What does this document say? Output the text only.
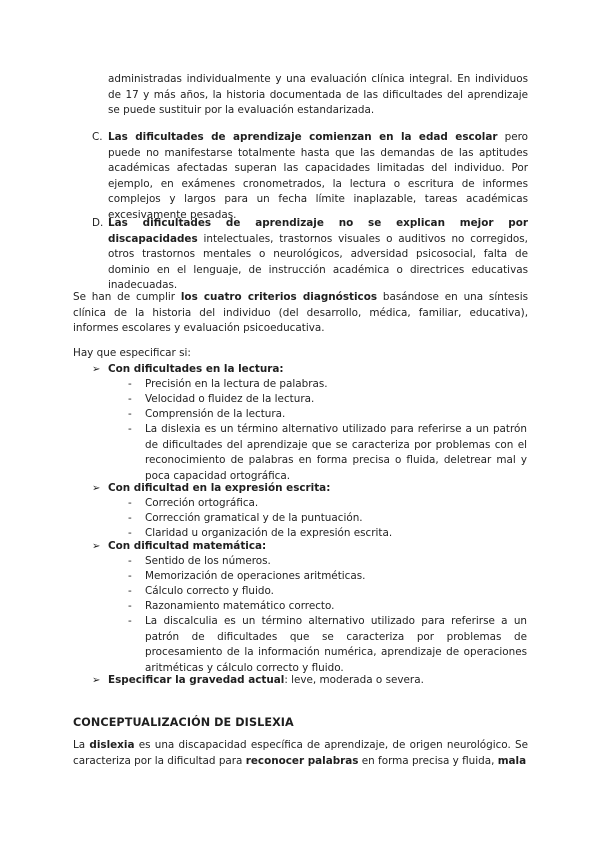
administradas individualmente y una evaluación clínica integral. En individuos de 17 y más años, la historia documentada de las dificultades del aprendizaje se puede sustituir por la evaluación estandarizada.
C. Las dificultades de aprendizaje comienzan en la edad escolar pero puede no manifestarse totalmente hasta que las demandas de las aptitudes académicas afectadas superan las capacidades limitadas del individuo. Por ejemplo, en exámenes cronometrados, la lectura o escritura de informes complejos y largos para un fecha límite inaplazable, tareas académicas excesivamente pesadas.
D. Las dificultades de aprendizaje no se explican mejor por discapacidades intelectuales, trastornos visuales o auditivos no corregidos, otros trastornos mentales o neurológicos, adversidad psicosocial, falta de dominio en el lenguaje, de instrucción académica o directrices educativas inadecuadas.
Se han de cumplir los cuatro criterios diagnósticos basándose en una síntesis clínica de la historia del individuo (del desarrollo, médica, familiar, educativa), informes escolares y evaluación psicoeducativa.
Hay que especificar si:
➢ Con dificultades en la lectura:
- Precisión en la lectura de palabras.
- Velocidad o fluidez de la lectura.
- Comprensión de la lectura.
- La dislexia es un término alternativo utilizado para referirse a un patrón de dificultades del aprendizaje que se caracteriza por problemas con el reconocimiento de palabras en forma precisa o fluida, deletrear mal y poca capacidad ortográfica.
➢ Con dificultad en la expresión escrita:
- Correción ortográfica.
- Corrección gramatical y de la puntuación.
- Claridad u organización de la expresión escrita.
➢ Con dificultad matemática:
- Sentido de los números.
- Memorización de operaciones aritméticas.
- Cálculo correcto y fluido.
- Razonamiento matemático correcto.
- La discalculia es un término alternativo utilizado para referirse a un patrón de dificultades que se caracteriza por problemas de procesamiento de la información numérica, aprendizaje de operaciones aritméticas y cálculo correcto y fluido.
➢ Especificar la gravedad actual: leve, moderada o severa.
CONCEPTUALIZACIÓN DE DISLEXIA
La dislexia es una discapacidad específica de aprendizaje, de origen neurológico. Se caracteriza por la dificultad para reconocer palabras en forma precisa y fluida, mala
